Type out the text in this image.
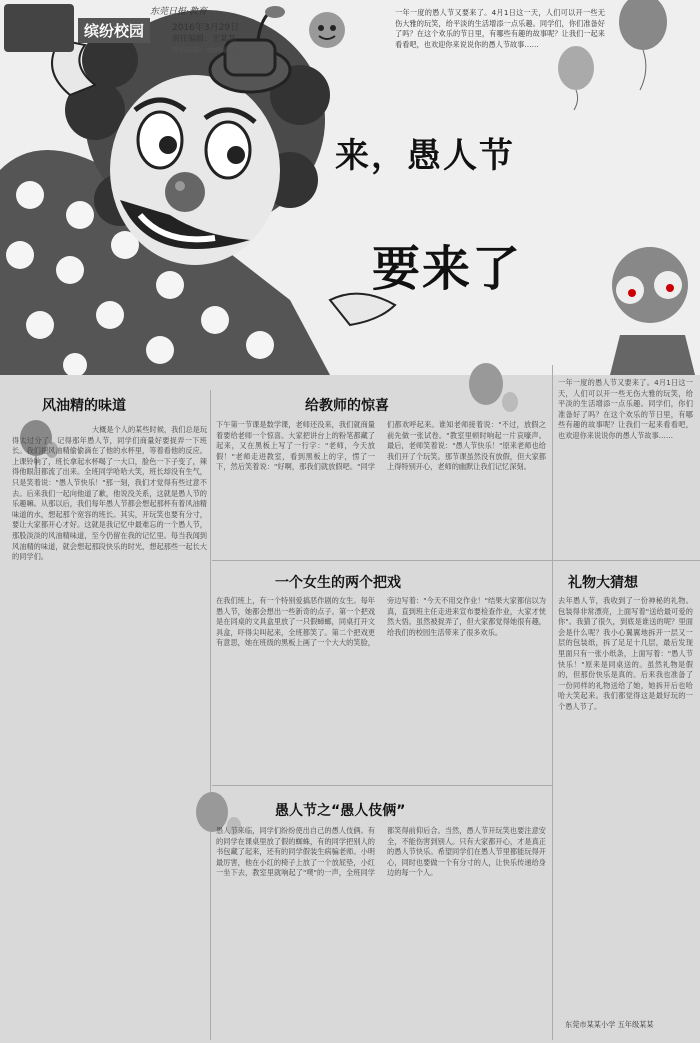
东莞日报·教育
缤纷校园	2016年3月29日
责任编辑：王某某
投稿邮箱：dgrb@example.cn
一年一度的愚人节又要来了。4月1日这一天，人们可以开一些无伤大雅的玩笑，给平淡的生活增添一点乐趣。同学们，你们准备好了吗？在这个欢乐的节日里，有哪些有趣的故事呢？让我们一起来看看吧，也欢迎你来说说你的愚人节故事……
来，愚人节
要来了
风油精的味道
大概是个人的某些时候，我们总是玩得太过分了。记得那年愚人节，同学们商量好要捉弄一下班长。我们把风油精偷偷滴在了他的水杯里，等着看他的反应。上课铃响了，班长拿起水杯喝了一大口，脸色一下子变了，辣得他眼泪都流了出来。全班同学哈哈大笑，班长却没有生气，只是笑着说："愚人节快乐！"那一刻，我们才觉得有些过意不去。后来我们一起向他道了歉，他说没关系，这就是愚人节的乐趣嘛。从那以后，我们每年愚人节都会想起那杯有着风油精味道的水，想起那个宽容的班长。其实，开玩笑也要有分寸，要让大家都开心才好。这就是我记忆中最难忘的一个愚人节，那股淡淡的风油精味道，至今仍留在我的记忆里。每当我闻到风油精的味道，就会想起那段快乐的时光，想起那些一起长大的同学们。
给教师的惊喜
下午第一节课是数学课，老师还没来，我们就商量着要给老师一个惊喜。大家把讲台上的粉笔都藏了起来，又在黑板上写了一行字："老师，今天放假！"老师走进教室，看到黑板上的字，愣了一下，然后笑着说："好啊，那我们就放假吧。"同学们都欢呼起来。谁知老师接着说："不过，放假之前先做一张试卷。"教室里顿时响起一片哀嚎声。最后，老师笑着说："愚人节快乐！"原来老师也给我们开了个玩笑。那节课虽然没有放假，但大家都上得特别开心，老师的幽默让我们记忆深刻。
一年一度的愚人节又要来了。4月1日这一天，人们可以开一些无伤大雅的玩笑，给平淡的生活增添一点乐趣。同学们，你们准备好了吗？在这个欢乐的节日里，有哪些有趣的故事呢？让我们一起来看看吧，也欢迎你来说说你的愚人节故事……
一个女生的两个把戏
在我们班上，有一个特别爱搞恶作剧的女生。每年愚人节，她都会想出一些新奇的点子。第一个把戏是在同桌的文具盒里放了一只假蟑螂，同桌打开文具盒，吓得尖叫起来，全班都笑了。第二个把戏更有意思，她在班级的黑板上画了一个大大的笑脸，旁边写着："今天不用交作业！"结果大家都信以为真，直到班主任走进来宣布要检查作业，大家才恍然大悟。虽然被捉弄了，但大家都觉得她很有趣，给我们的校园生活带来了很多欢乐。
礼物大猜想
去年愚人节，我收到了一份神秘的礼物。包装得非常漂亮，上面写着"送给最可爱的你"。我猜了很久，到底是谁送的呢？里面会是什么呢？我小心翼翼地拆开一层又一层的包装纸，拆了足足十几层，最后发现里面只有一张小纸条，上面写着："愚人节快乐！"原来是同桌送的。虽然礼物是假的，但那份快乐是真的。后来我也准备了一份同样的礼物送给了她，她拆开后也哈哈大笑起来。我们都觉得这是最好玩的一个愚人节了。
东莞市某某小学 五年级某某
愚人节之“愚人伎俩”
愚人节来临，同学们纷纷使出自己的愚人伎俩。有的同学在课桌里放了假的蜘蛛，有的同学把别人的书包藏了起来，还有的同学假装生病骗老师。小明最厉害，他在小红的椅子上放了一个放屁垫，小红一坐下去，教室里就响起了"噗"的一声，全班同学都笑得前仰后合。当然，愚人节开玩笑也要注意安全，不能伤害到别人。只有大家都开心，才是真正的愚人节快乐。希望同学们在愚人节里都能玩得开心，同时也要做一个有分寸的人，让快乐传递给身边的每一个人。
